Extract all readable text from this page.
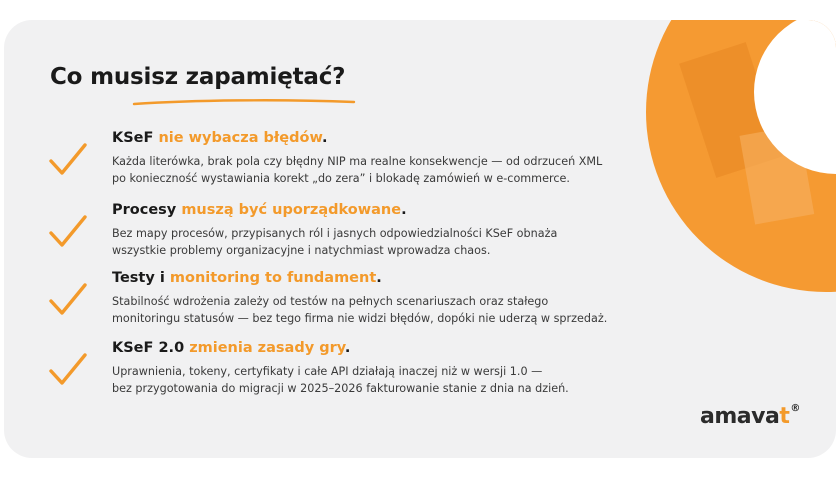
Co musisz zapamiętać?
KSeF nie wybacza błędów.
Każda literówka, brak pola czy błędny NIP ma realne konsekwencje — od odrzuceń XML
po konieczność wystawiania korekt „do zera” i blokadę zamówień w e-commerce.
Procesy muszą być uporządkowane.
Bez mapy procesów, przypisanych ról i jasnych odpowiedzialności KSeF obnaża
wszystkie problemy organizacyjne i natychmiast wprowadza chaos.
Testy i monitoring to fundament.
Stabilność wdrożenia zależy od testów na pełnych scenariuszach oraz stałego
monitoringu statusów — bez tego firma nie widzi błędów, dopóki nie uderzą w sprzedaż.
KSeF 2.0 zmienia zasady gry.
Uprawnienia, tokeny, certyfikaty i całe API działają inaczej niż w wersji 1.0 —
bez przygotowania do migracji w 2025–2026 fakturowanie stanie z dnia na dzień.
amavat®
